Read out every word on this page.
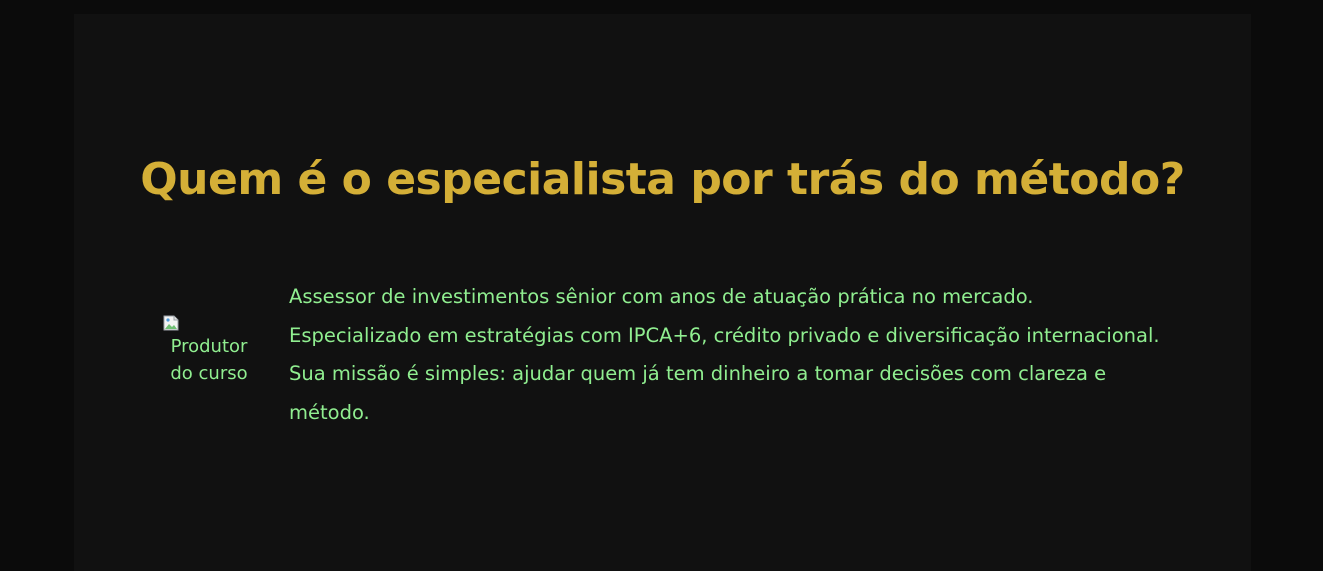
Quem é o especialista por trás do método?
Produtor do curso

Assessor de investimentos sênior com anos de atuação prática no mercado. Especializado em estratégias com IPCA+6, crédito privado e diversificação internacional. Sua missão é simples: ajudar quem já tem dinheiro a tomar decisões com clareza e método.
